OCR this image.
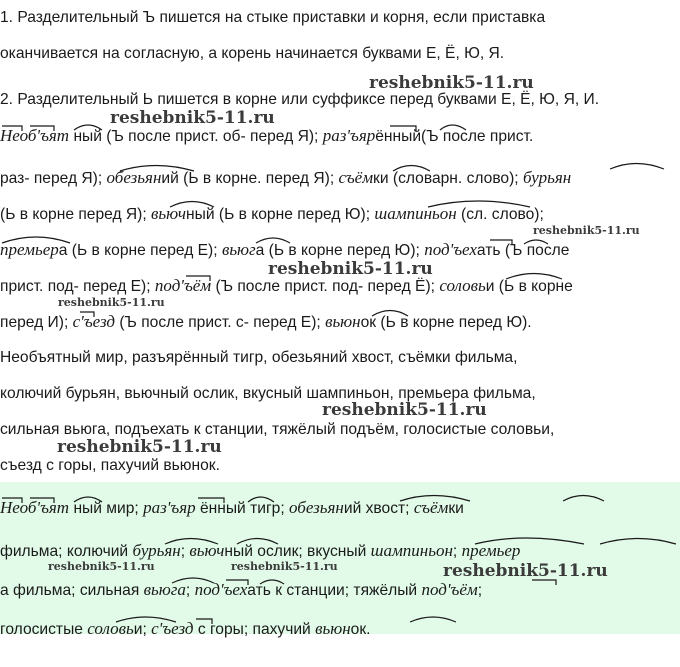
1. Разделительный Ъ пишется на стыке приставки и корня, если приставка
оканчивается на согласную, а корень начинается буквами Е, Ё, Ю, Я.
2. Разделительный Ь пишется в корне или суффиксе перед буквами Е, Ё, Ю, Я, И.
Необʹъят ный (Ъ после прист. об- перед Я); разʹъярённый(Ъ после прист.
раз- перед Я); обезьяний (Ь в корне. перед Я); съёмки (словарн. слово); бурьян
(Ь в корне перед Я); вьючный (Ь в корне перед Ю); шампиньон (сл. слово);
премьера (Ь в корне перед Е); вьюга (Ь в корне перед Ю); подʹъехать (Ъ после
прист. под- перед Е); подʹъём (Ъ после прист. под- перед Ё); соловьи (Ь в корне
перед И); сʹъезд (Ъ после прист. с- перед Е); вьюнок (Ь в корне перед Ю).
Необъятный мир, разъярённый тигр, обезьяний хвост, съёмки фильма,
колючий бурьян, вьючный ослик, вкусный шампиньон, премьера фильма,
сильная вьюга, подъехать к станции, тяжёлый подъём, голосистые соловьи,
съезд с горы, пахучий вьюнок.
Необʹъят ный мир; разʹъяр ённый тигр; обезьяний хвост; съёмки
фильма; колючий бурьян; вьючный ослик; вкусный шампиньон; премьер
а фильма; сильная вьюга; подʹъехать к станции; тяжёлый подʹъём;
голосистые соловьи; сʹъезд с горы; пахучий вьюнок.
reshebnik5-11.ru
reshebnik5-11.ru
reshebnik5-11.ru
reshebnik5-11.ru
reshebnik5-11.ru
reshebnik5-11.ru
reshebnik5-11.ru
reshebnik5-11.ru	reshebnik5-11.ru	reshebnik5-11.ru
